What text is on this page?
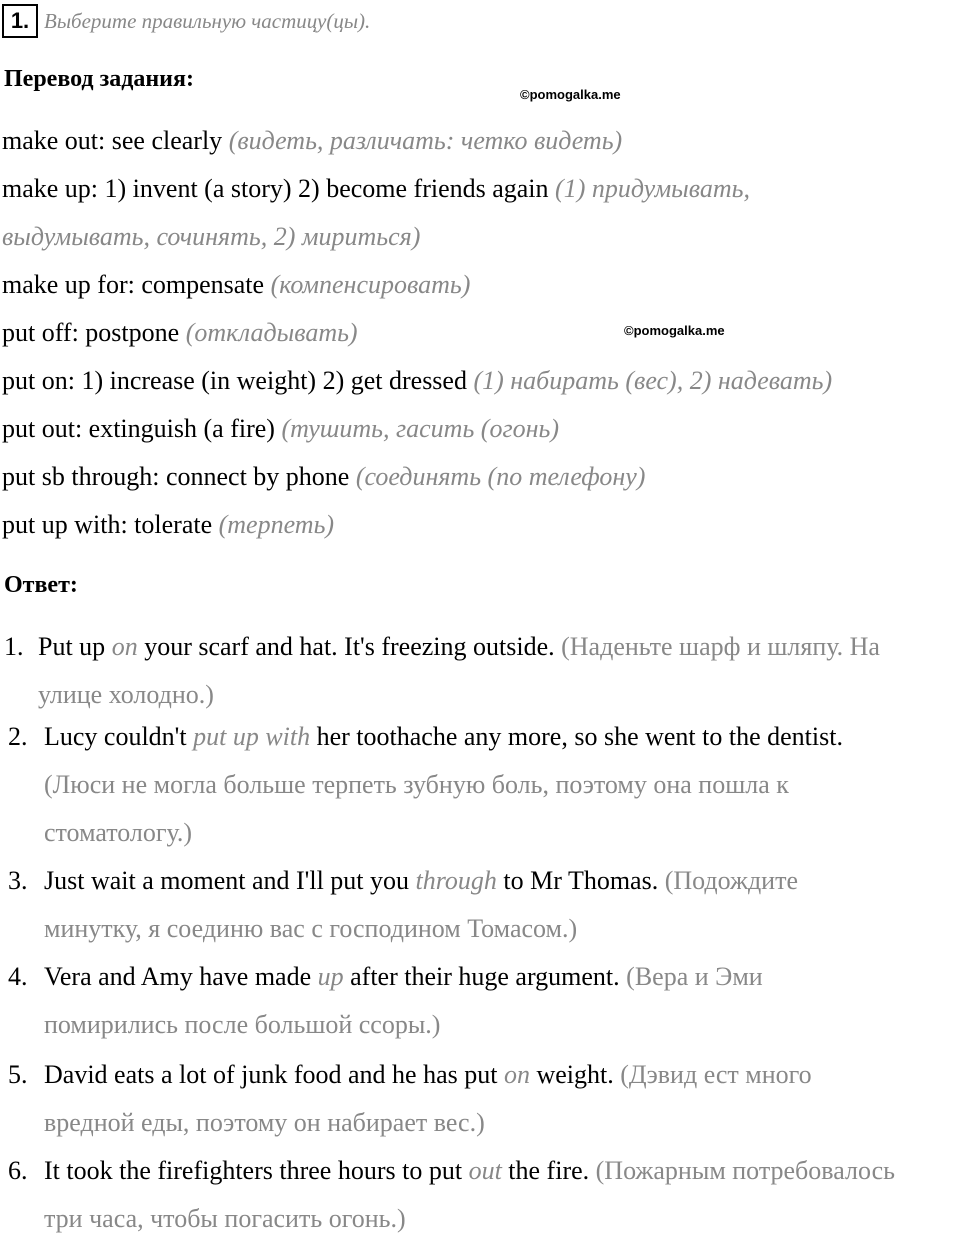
1. Выберите правильную частицу(цы).
Перевод задания:
©pomogalka.me
©pomogalka.me
make out: see clearly (видеть, различать: четко видеть)
make up: 1) invent (a story) 2) become friends again (1) придумывать,
выдумывать, сочинять, 2) мириться)
make up for: compensate (компенсировать)
put off: postpone (откладывать)
put on: 1) increase (in weight) 2) get dressed (1) набирать (вес), 2) надевать)
put out: extinguish (a fire) (тушить, гасить (огонь)
put sb through: connect by phone (соединять (по телефону)
put up with: tolerate (терпеть)
Ответ:
1. Put up on your scarf and hat. It's freezing outside. (Наденьте шарф и шляпу. На
улице холодно.)
2. Lucy couldn't put up with her toothache any more, so she went to the dentist.
(Люси не могла больше терпеть зубную боль, поэтому она пошла к
стоматологу.)
3. Just wait a moment and I'll put you through to Mr Thomas. (Подождите
минутку, я соединю вас с господином Томасом.)
4. Vera and Amy have made up after their huge argument. (Вера и Эми
помирились после большой ссоры.)
5. David eats a lot of junk food and he has put on weight. (Дэвид ест много
вредной еды, поэтому он набирает вес.)
6. It took the firefighters three hours to put out the fire. (Пожарным потребовалось
три часа, чтобы погасить огонь.)
